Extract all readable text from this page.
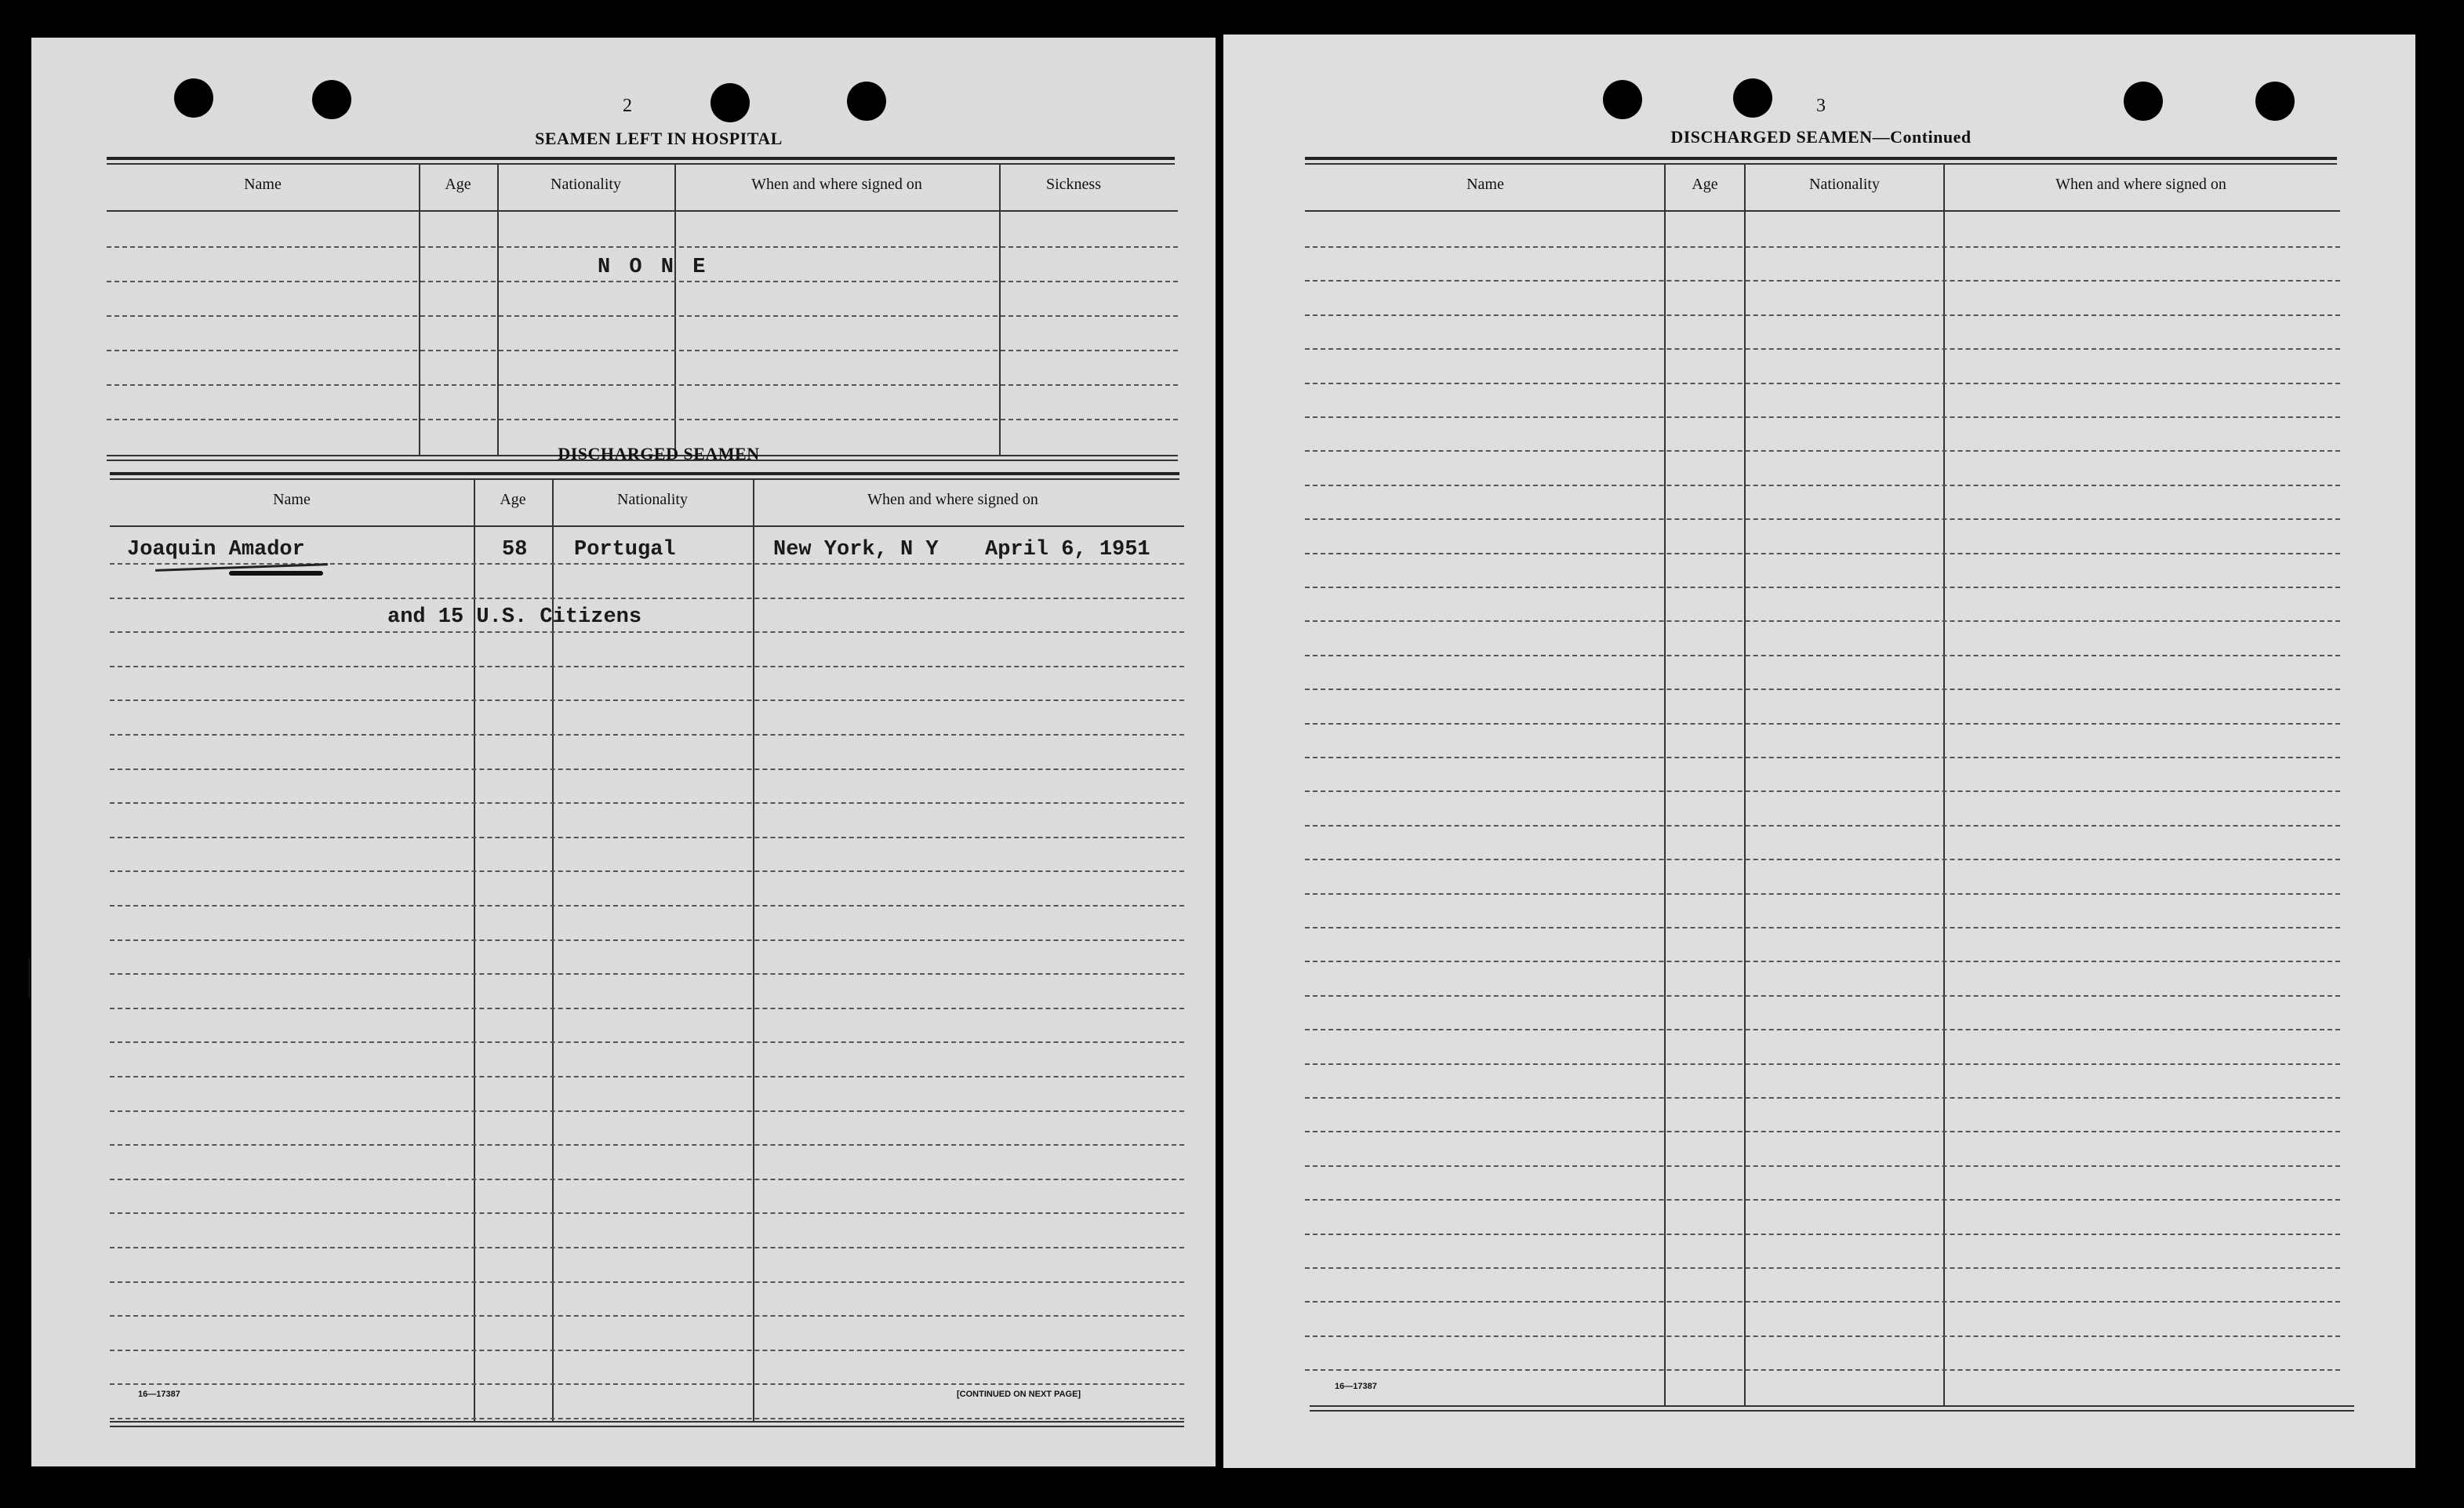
2
SEAMEN LEFT IN HOSPITAL
Name	Age	Nationality	When and where signed on	Sickness
N O N E
DISCHARGED SEAMEN
Name	Age	Nationality	When and where signed on
Joaquin Amador	58 Portugal	New York, N Y April 6, 1951
and 15 U.S. Citizens
16—17387	[CONTINUED ON NEXT PAGE]
3
DISCHARGED SEAMEN—Continued
Name	Age	Nationality	When and where signed on
16—17387
